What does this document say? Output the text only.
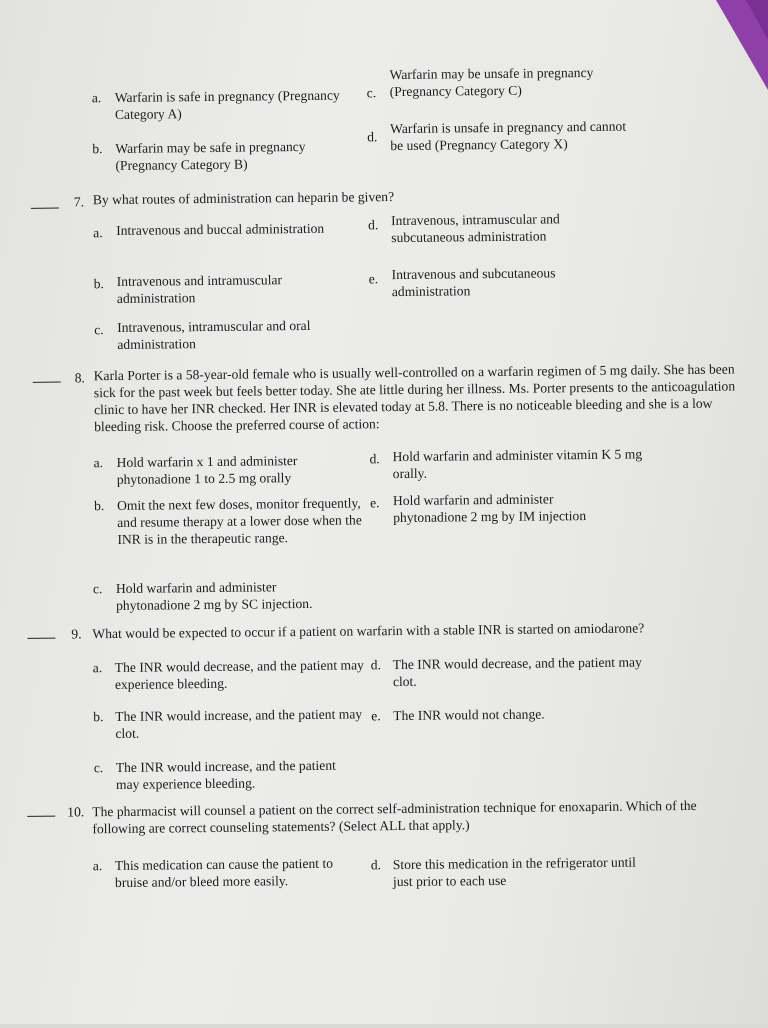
a. Warfarin is safe in pregnancy (Pregnancy Category A)
b. Warfarin may be safe in pregnancy (Pregnancy Category B)
c.
Warfarin may be unsafe in pregnancy (Pregnancy Category C)
d.
Warfarin is unsafe in pregnancy and cannot be used (Pregnancy Category X)
7. By what routes of administration can heparin be given?
a. Intravenous and buccal administration
b. Intravenous and intramuscular administration
c. Intravenous, intramuscular and oral administration
d. Intravenous, intramuscular and subcutaneous administration
e. Intravenous and subcutaneous administration
8. Karla Porter is a 58-year-old female who is usually well-controlled on a warfarin regimen of 5 mg daily. She has been sick for the past week but feels better today. She ate little during her illness. Ms. Porter presents to the anticoagulation clinic to have her INR checked. Her INR is elevated today at 5.8. There is no noticeable bleeding and she is a low bleeding risk. Choose the preferred course of action:
a. Hold warfarin x 1 and administer phytonadione 1 to 2.5 mg orally
b. Omit the next few doses, monitor frequently, and resume therapy at a lower dose when the INR is in the therapeutic range.
c. Hold warfarin and administer phytonadione 2 mg by SC injection.
d. Hold warfarin and administer vitamin K 5 mg orally.
e. Hold warfarin and administer phytonadione 2 mg by IM injection
9. What would be expected to occur if a patient on warfarin with a stable INR is started on amiodarone?
a. The INR would decrease, and the patient may experience bleeding.
b. The INR would increase, and the patient may clot.
c. The INR would increase, and the patient may experience bleeding.
d. The INR would decrease, and the patient may clot.
e. The INR would not change.
10. The pharmacist will counsel a patient on the correct self-administration technique for enoxaparin. Which of the following are correct counseling statements? (Select ALL that apply.)
a. This medication can cause the patient to bruise and/or bleed more easily.
d. Store this medication in the refrigerator until just prior to each use
